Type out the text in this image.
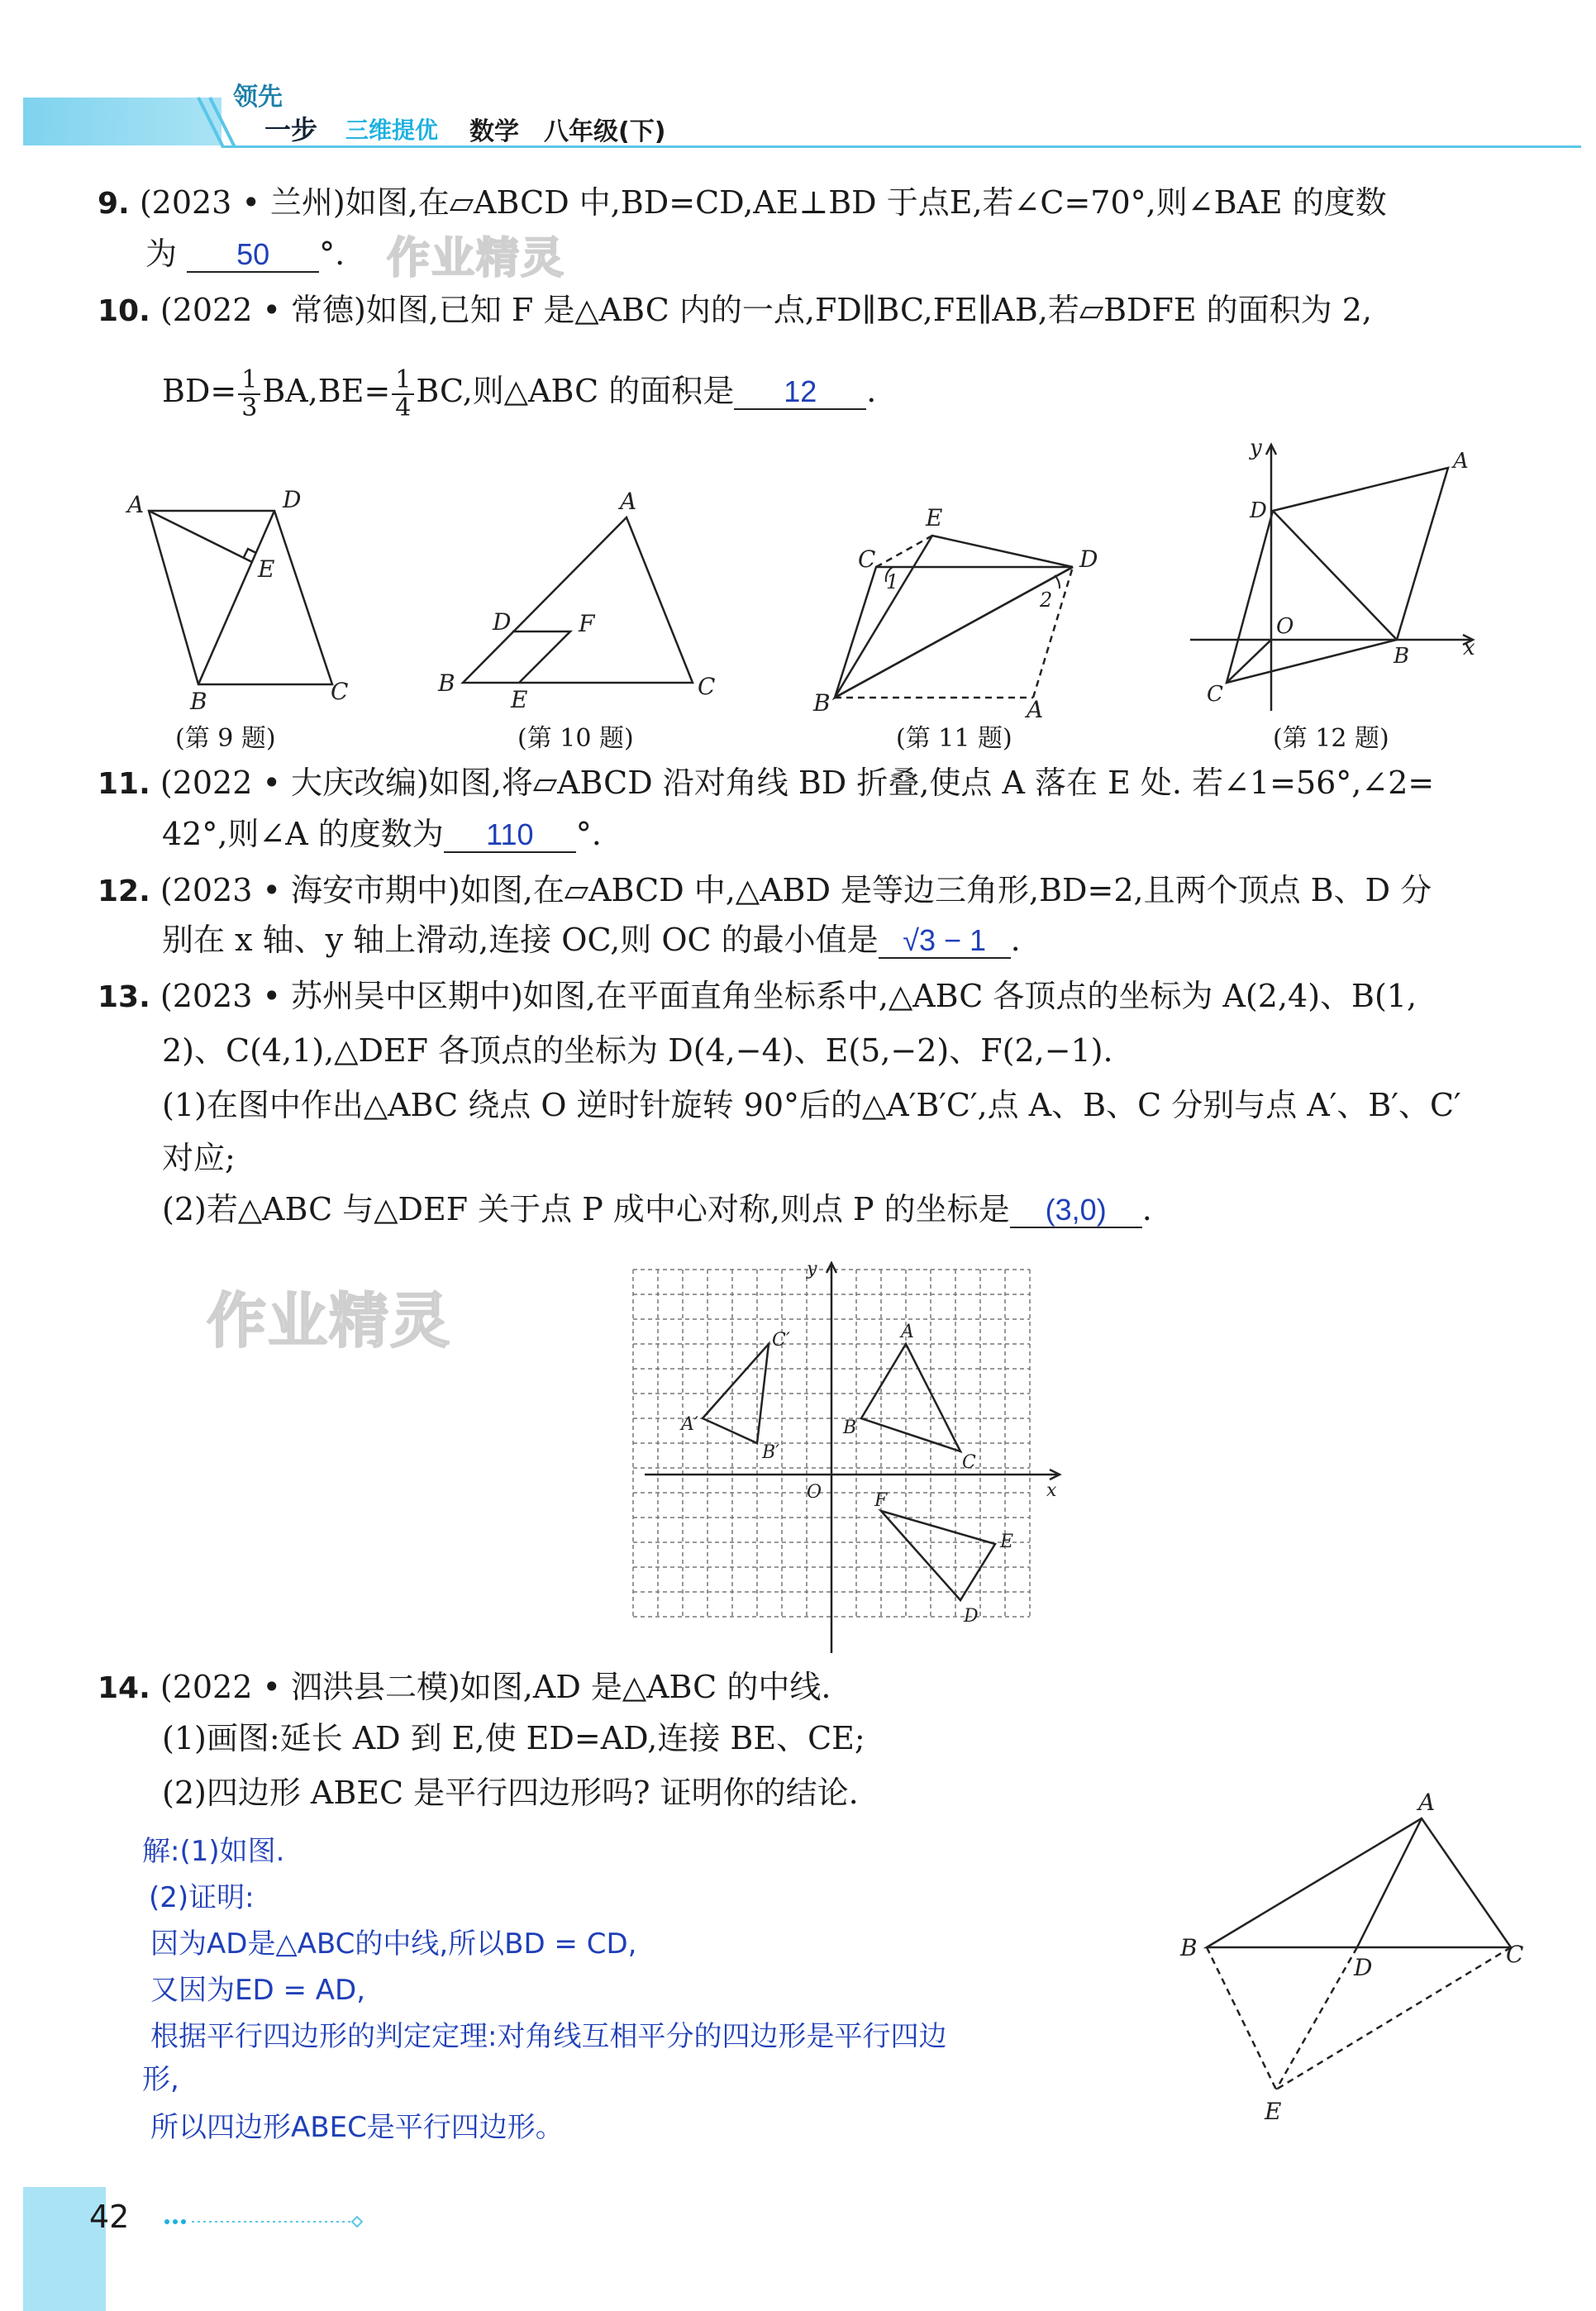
领先
一步 三维提优 数学 八年级(下)
9. (2023 • 兰州)如图,在▱ABCD 中,BD=CD,AE⊥BD 于点E,若∠C=70°,则∠BAE 的度数
为 50 °. 作业精灵
10. (2022 • 常德)如图,已知 F 是△ABC 内的一点,FD∥BC,FE∥AB,若▱BDFE 的面积为 2,
$BD= \frac{1}{3} BA,BE= \frac{1}{4}$ BC,则△ABC 的面积是 12 .
A	D
E
B	C
(第 9 题)
A
D	F
B
E	C
(第 10 题)
E
C
1
D
2
B	A
(第 11 题)
y
A
D
O
B x
C
(第 12 题)
11. (2022 • 大庆改编)如图,将▱ABCD 沿对角线 BD 折叠,使点 A 落在 E 处. 若∠1=56°,∠2=
42°,则∠A 的度数为 110 °.
12. (2023 • 海安市期中)如图,在▱ABCD 中,△ABD 是等边三角形,BD=2,且两个顶点 B、D 分
别在 x 轴、y 轴上滑动,连接 OC,则 OC 的最小值是 √3 − 1 .
13. (2023 • 苏州吴中区期中)如图,在平面直角坐标系中,△ABC 各顶点的坐标为 A(2,4)、B(1,
2)、C(4,1),△DEF 各顶点的坐标为 D(4,−4)、E(5,−2)、F(2,−1).
(1)在图中作出△ABC 绕点 O 逆时针旋转 90°后的△A′B′C′,点 A、B、C 分别与点 A′、B′、C′
对应;
(2)若△ABC 与△DEF 关于点 P 成中心对称,则点 P 的坐标是 (3,0) .
作业精灵
y
x
O
A
B
C
A′
B′
C′
D
E
F
14. (2022 • 泗洪县二模)如图,AD 是△ABC 的中线.
(1)画图:延长 AD 到 E,使 ED=AD,连接 BE、CE;
(2)四边形 ABEC 是平行四边形吗? 证明你的结论.
解:(1)如图.
(2)证明:
因为AD是△ABC的中线,所以BD = CD,
又因为ED = AD,
根据平行四边形的判定定理:对角线互相平分的四边形是平行四边
形,
所以四边形ABEC是平行四边形。
A
B
D	C
E
42
